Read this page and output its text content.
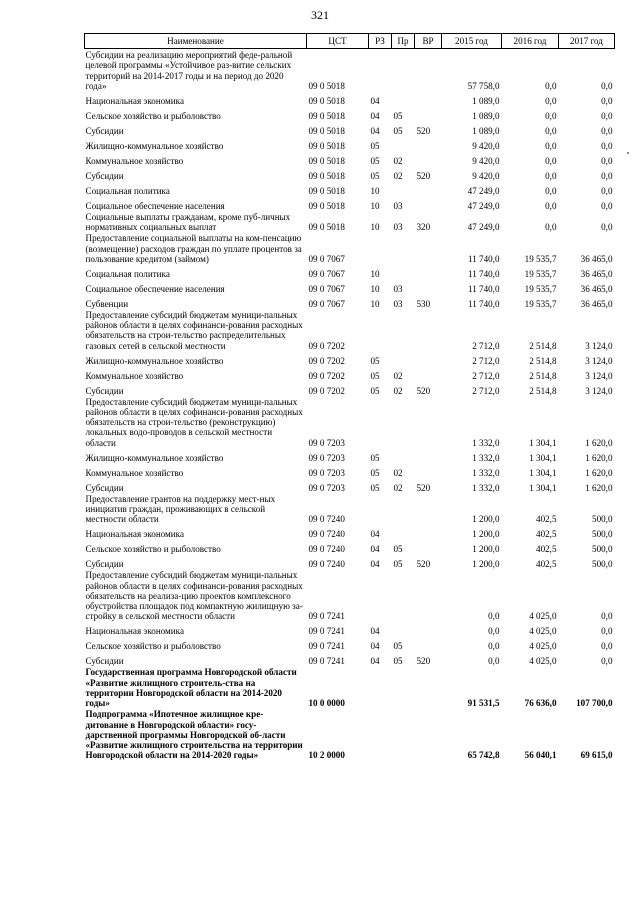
321
Наименование	ЦСТ	РЗ	Пр	ВР	2015 год	2016 год	2017 год
Субсидии на реализацию мероприятий феде-ральной целевой программы «Устойчивое раз-витие сельских территорий на 2014-2017 годы и на период до 2020 года»	09 0 5018				57 758,0	0,0	0,0
Национальная экономика	09 0 5018	04			1 089,0	0,0	0,0
Сельское хозяйство и рыболовство	09 0 5018	04	05		1 089,0	0,0	0,0
Субсидии	09 0 5018	04	05	520	1 089,0	0,0	0,0
Жилищно-коммунальное хозяйство	09 0 5018	05			9 420,0	0,0	0,0
Коммунальное хозяйство	09 0 5018	05	02		9 420,0	0,0	0,0
Субсидии	09 0 5018	05	02	520	9 420,0	0,0	0,0
Социальная политика	09 0 5018	10			47 249,0	0,0	0,0
Социальное обеспечение населения	09 0 5018	10	03		47 249,0	0,0	0,0
Социальные выплаты гражданам, кроме пуб-личных нормативных социальных выплат	09 0 5018	10	03	320	47 249,0	0,0	0,0
Предоставление социальной выплаты на ком-пенсацию (возмещение) расходов граждан по уплате процентов за пользование кредитом (займом)	09 0 7067				11 740,0	19 535,7	36 465,0
Социальная политика	09 0 7067	10			11 740,0	19 535,7	36 465,0
Социальное обеспечение населения	09 0 7067	10	03		11 740,0	19 535,7	36 465,0
Субвенции	09 0 7067	10	03	530	11 740,0	19 535,7	36 465,0
Предоставление субсидий бюджетам муници-пальных районов области в целях софинанси-рования расходных обязательств на строи-тельство распределительных газовых сетей в сельской местности	09 0 7202				2 712,0	2 514,8	3 124,0
Жилищно-коммунальное хозяйство	09 0 7202	05			2 712,0	2 514,8	3 124,0
Коммунальное хозяйство	09 0 7202	05	02		2 712,0	2 514,8	3 124,0
Субсидии	09 0 7202	05	02	520	2 712,0	2 514,8	3 124,0
Предоставление субсидий бюджетам муници-пальных районов области в целях софинанси-рования расходных обязательств на строи-тельство (реконструкцию) локальных водо-проводов в сельской местности области	09 0 7203				1 332,0	1 304,1	1 620,0
Жилищно-коммунальное хозяйство	09 0 7203	05			1 332,0	1 304,1	1 620,0
Коммунальное хозяйство	09 0 7203	05	02		1 332,0	1 304,1	1 620,0
Субсидии	09 0 7203	05	02	520	1 332,0	1 304,1	1 620,0
Предоставление грантов на поддержку мест-ных инициатив граждан, проживающих в сельской местности области	09 0 7240				1 200,0	402,5	500,0
Национальная экономика	09 0 7240	04			1 200,0	402,5	500,0
Сельское хозяйство и рыболовство	09 0 7240	04	05		1 200,0	402,5	500,0
Субсидии	09 0 7240	04	05	520	1 200,0	402,5	500,0
Предоставление субсидий бюджетам муници-пальных районов области в целях софинанси-рования расходных обязательств на реализа-цию проектов комплексного обустройства площадок под компактную жилищную за-стройку в сельской местности области	09 0 7241				0,0	4 025,0	0,0
Национальная экономика	09 0 7241	04			0,0	4 025,0	0,0
Сельское хозяйство и рыболовство	09 0 7241	04	05		0,0	4 025,0	0,0
Субсидии	09 0 7241	04	05	520	0,0	4 025,0	0,0
Государственная программа Новгородской области «Развитие жилищного строитель-ства на территории Новгородской области на 2014-2020 годы»	10 0 0000				91 531,5	76 636,0	107 700,0
Подпрограмма «Ипотечное жилищное кре-дитование в Новгородской области» госу-дарственной программы Новгородской об-ласти «Развитие жилищного строительства на территории Новгородской области на 2014-2020 годы»	10 2 0000				65 742,8	56 040,1	69 615,0
